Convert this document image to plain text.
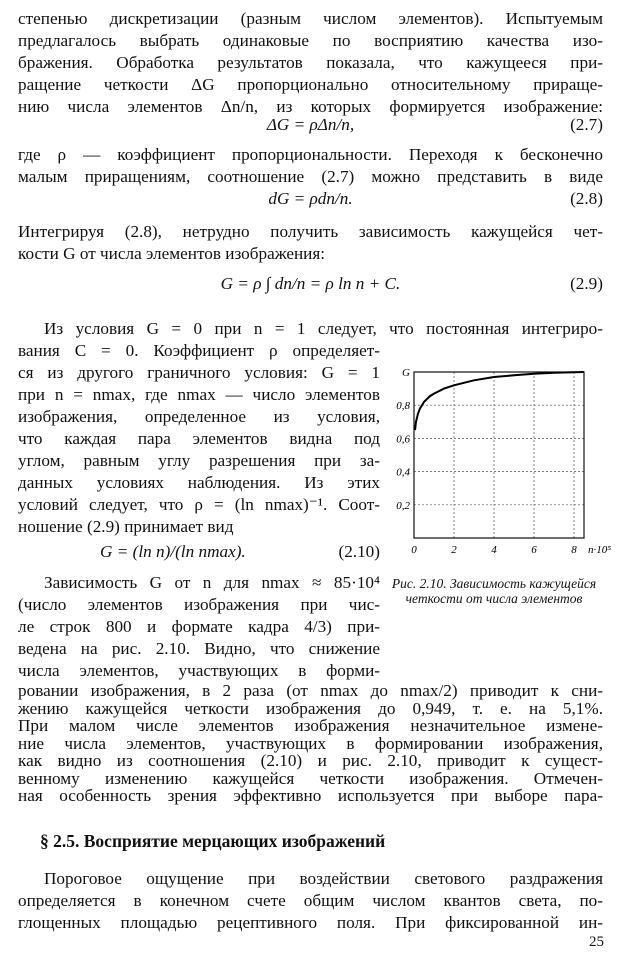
степенью дискретизации (разным числом элементов). Испытуемым
предлагалось выбрать одинаковые по восприятию качества изо-
бражения. Обработка результатов показала, что кажущееся при-
ращение четкости ΔG пропорционально относительному прираще-
нию числа элементов Δn/n, из которых формируется изображение:
ΔG = ρΔn/n,	(2.7)
где ρ — коэффициент пропорциональности. Переходя к бесконечно
малым приращениям, соотношение (2.7) можно представить в виде
dG = ρdn/n.	(2.8)
Интегрируя (2.8), нетрудно получить зависимость кажущейся чет-
кости G от числа элементов изображения:
G = ρ ∫ dn/n = ρ ln n + C.	(2.9)
Из условия G = 0 при n = 1 следует, что постоянная интегриро-
вания C = 0. Коэффициент ρ определяет-
ся из другого граничного условия: G = 1
при n = nmax, где nmax — число элементов
изображения, определенное из условия,
что каждая пара элементов видна под
углом, равным углу разрешения при за-
данных условиях наблюдения. Из этих
условий следует, что ρ = (ln nmax)⁻¹. Соот-
ношение (2.9) принимает вид
G = (ln n)/(ln nmax).	(2.10)
Зависимость G от n для nmax ≈ 85·10⁴
(число элементов изображения при чис-
ле строк 800 и формате кадра 4/3) при-
ведена на рис. 2.10. Видно, что снижение
числа элементов, участвующих в форми-
ровании изображения, в 2 раза (от nmax до nmax/2) приводит к сни-
жению кажущейся четкости изображения до 0,949, т. е. на 5,1%.
При малом числе элементов изображения незначительное измене-
ние числа элементов, участвующих в формировании изображения,
как видно из соотношения (2.10) и рис. 2.10, приводит к сущест-
венному изменению кажущейся четкости изображения. Отмечен-
ная особенность зрения эффективно используется при выборе пара-
§ 2.5. Восприятие мерцающих изображений
Пороговое ощущение при воздействии светового раздражения
определяется в конечном счете общим числом квантов света, по-
глощенных площадью рецептивного поля. При фиксированной ин-
0,2
0,4
0,6
0,8
G
0	2	4	6	8 n·10⁵
Рис. 2.10. Зависимость кажущейся четкости от числа элементов
25
